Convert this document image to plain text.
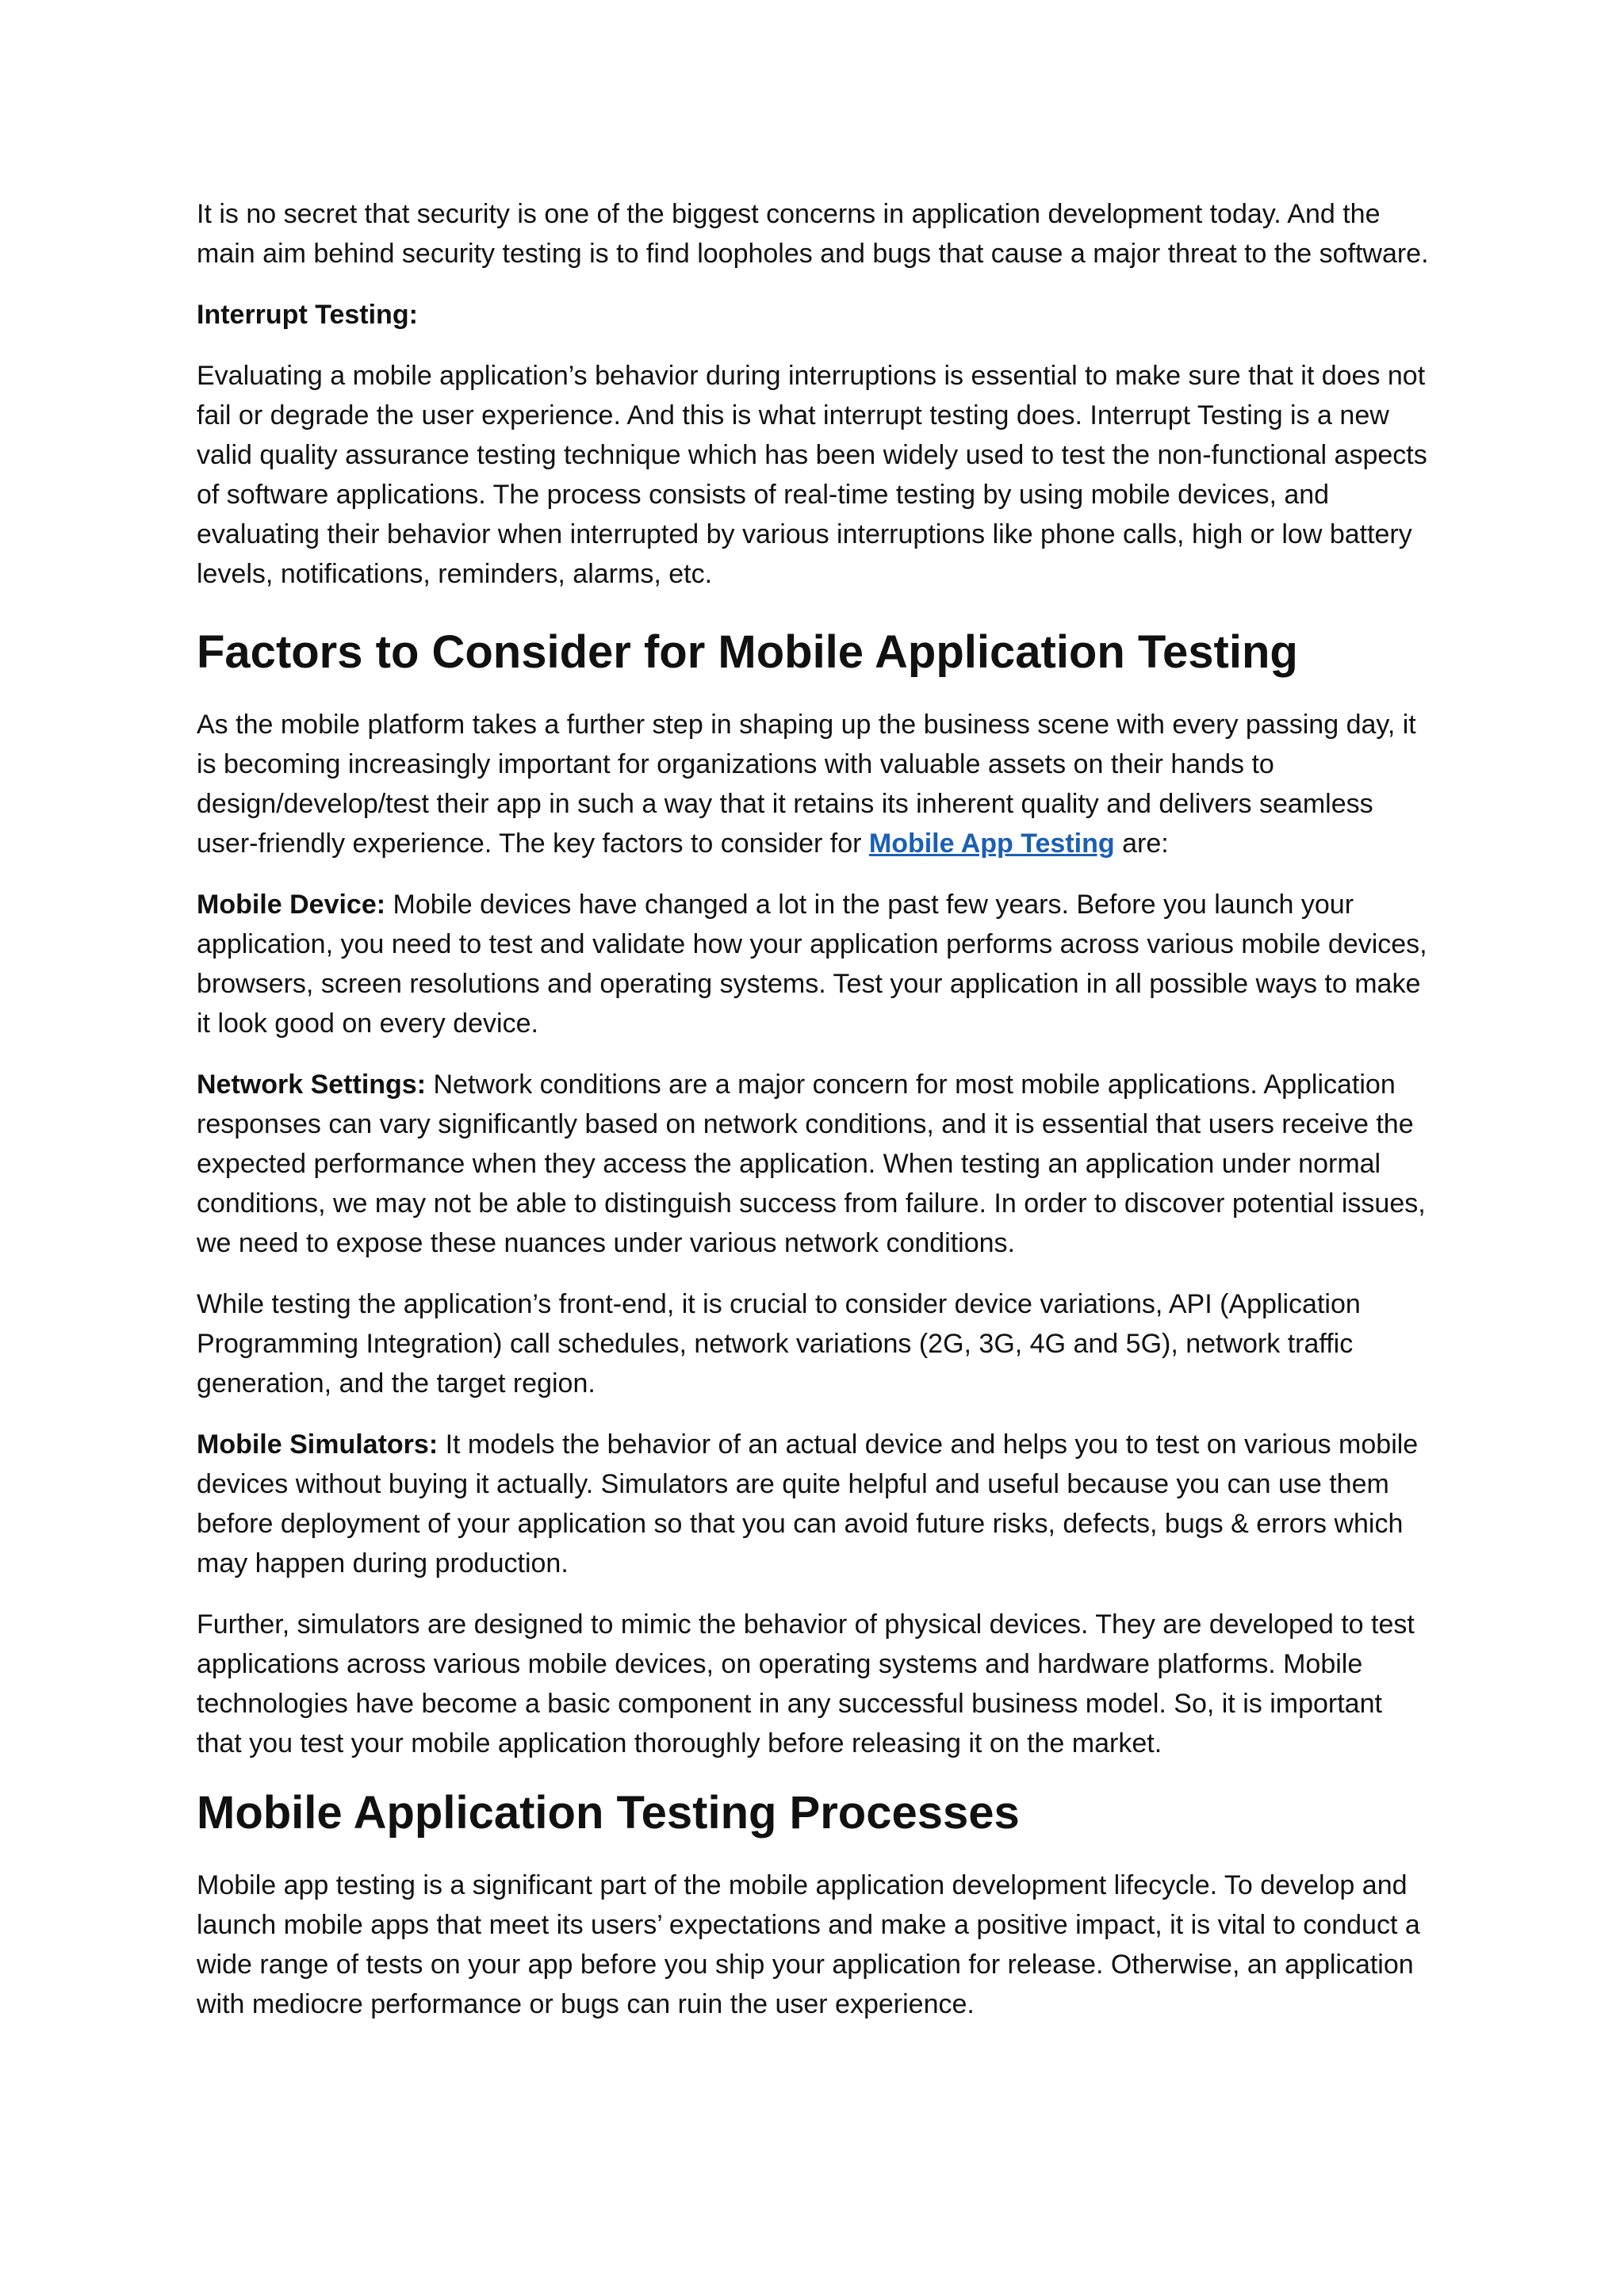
It is no secret that security is one of the biggest concerns in application development today. And the main aim behind security testing is to find loopholes and bugs that cause a major threat to the software.

Interrupt Testing:

Evaluating a mobile application’s behavior during interruptions is essential to make sure that it does not fail or degrade the user experience. And this is what interrupt testing does. Interrupt Testing is a new valid quality assurance testing technique which has been widely used to test the non-functional aspects of software applications. The process consists of real-time testing by using mobile devices, and evaluating their behavior when interrupted by various interruptions like phone calls, high or low battery levels, notifications, reminders, alarms, etc.

Factors to Consider for Mobile Application Testing

As the mobile platform takes a further step in shaping up the business scene with every passing day, it is becoming increasingly important for organizations with valuable assets on their hands to design/develop/test their app in such a way that it retains its inherent quality and delivers seamless user-friendly experience. The key factors to consider for Mobile App Testing are:

Mobile Device: Mobile devices have changed a lot in the past few years. Before you launch your application, you need to test and validate how your application performs across various mobile devices, browsers, screen resolutions and operating systems. Test your application in all possible ways to make it look good on every device.

Network Settings: Network conditions are a major concern for most mobile applications. Application responses can vary significantly based on network conditions, and it is essential that users receive the expected performance when they access the application. When testing an application under normal conditions, we may not be able to distinguish success from failure. In order to discover potential issues, we need to expose these nuances under various network conditions.

While testing the application’s front-end, it is crucial to consider device variations, API (Application Programming Integration) call schedules, network variations (2G, 3G, 4G and 5G), network traffic generation, and the target region.

Mobile Simulators: It models the behavior of an actual device and helps you to test on various mobile devices without buying it actually. Simulators are quite helpful and useful because you can use them before deployment of your application so that you can avoid future risks, defects, bugs & errors which may happen during production.

Further, simulators are designed to mimic the behavior of physical devices. They are developed to test applications across various mobile devices, on operating systems and hardware platforms. Mobile technologies have become a basic component in any successful business model. So, it is important that you test your mobile application thoroughly before releasing it on the market.

Mobile Application Testing Processes

Mobile app testing is a significant part of the mobile application development lifecycle. To develop and launch mobile apps that meet its users’ expectations and make a positive impact, it is vital to conduct a wide range of tests on your app before you ship your application for release. Otherwise, an application with mediocre performance or bugs can ruin the user experience.
